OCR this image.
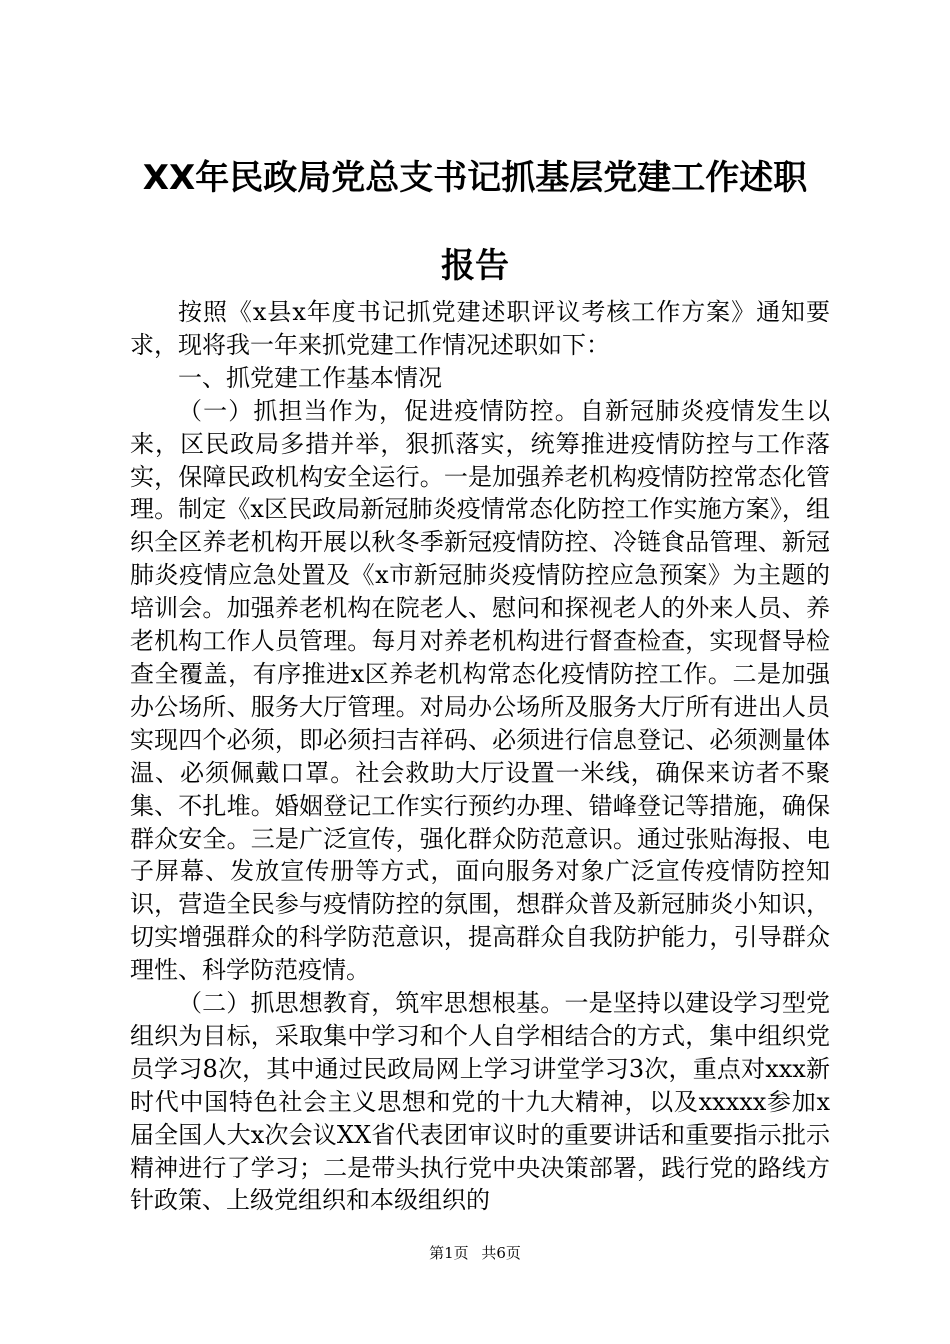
XX年民政局党总支书记抓基层党建工作述职
报告

按照《x县x年度书记抓党建述职评议考核工作方案》通知要求，现将我一年来抓党建工作情况述职如下：

一、抓党建工作基本情况

（一）抓担当作为，促进疫情防控。自新冠肺炎疫情发生以来，区民政局多措并举，狠抓落实，统筹推进疫情防控与工作落实，保障民政机构安全运行。一是加强养老机构疫情防控常态化管理。制定《x区民政局新冠肺炎疫情常态化防控工作实施方案》，组织全区养老机构开展以秋冬季新冠疫情防控、冷链食品管理、新冠肺炎疫情应急处置及《x市新冠肺炎疫情防控应急预案》为主题的培训会。加强养老机构在院老人、慰问和探视老人的外来人员、养老机构工作人员管理。每月对养老机构进行督查检查，实现督导检查全覆盖，有序推进x区养老机构常态化疫情防控工作。二是加强办公场所、服务大厅管理。对局办公场所及服务大厅所有进出人员实现四个必须，即必须扫吉祥码、必须进行信息登记、必须测量体温、必须佩戴口罩。社会救助大厅设置一米线，确保来访者不聚集、不扎堆。婚姻登记工作实行预约办理、错峰登记等措施，确保群众安全。三是广泛宣传，强化群众防范意识。通过张贴海报、电子屏幕、发放宣传册等方式，面向服务对象广泛宣传疫情防控知识，营造全民参与疫情防控的氛围，想群众普及新冠肺炎小知识，切实增强群众的科学防范意识，提高群众自我防护能力，引导群众理性、科学防范疫情。

（二）抓思想教育，筑牢思想根基。一是坚持以建设学习型党组织为目标，采取集中学习和个人自学相结合的方式，集中组织党员学习8次，其中通过民政局网上学习讲堂学习3次，重点对xxx新时代中国特色社会主义思想和党的十九大精神，以及xxxxx参加x届全国人大x次会议XX省代表团审议时的重要讲话和重要指示批示精神进行了学习；二是带头执行党中央决策部署，践行党的路线方针政策、上级党组织和本级组织的

第1页 共6页
